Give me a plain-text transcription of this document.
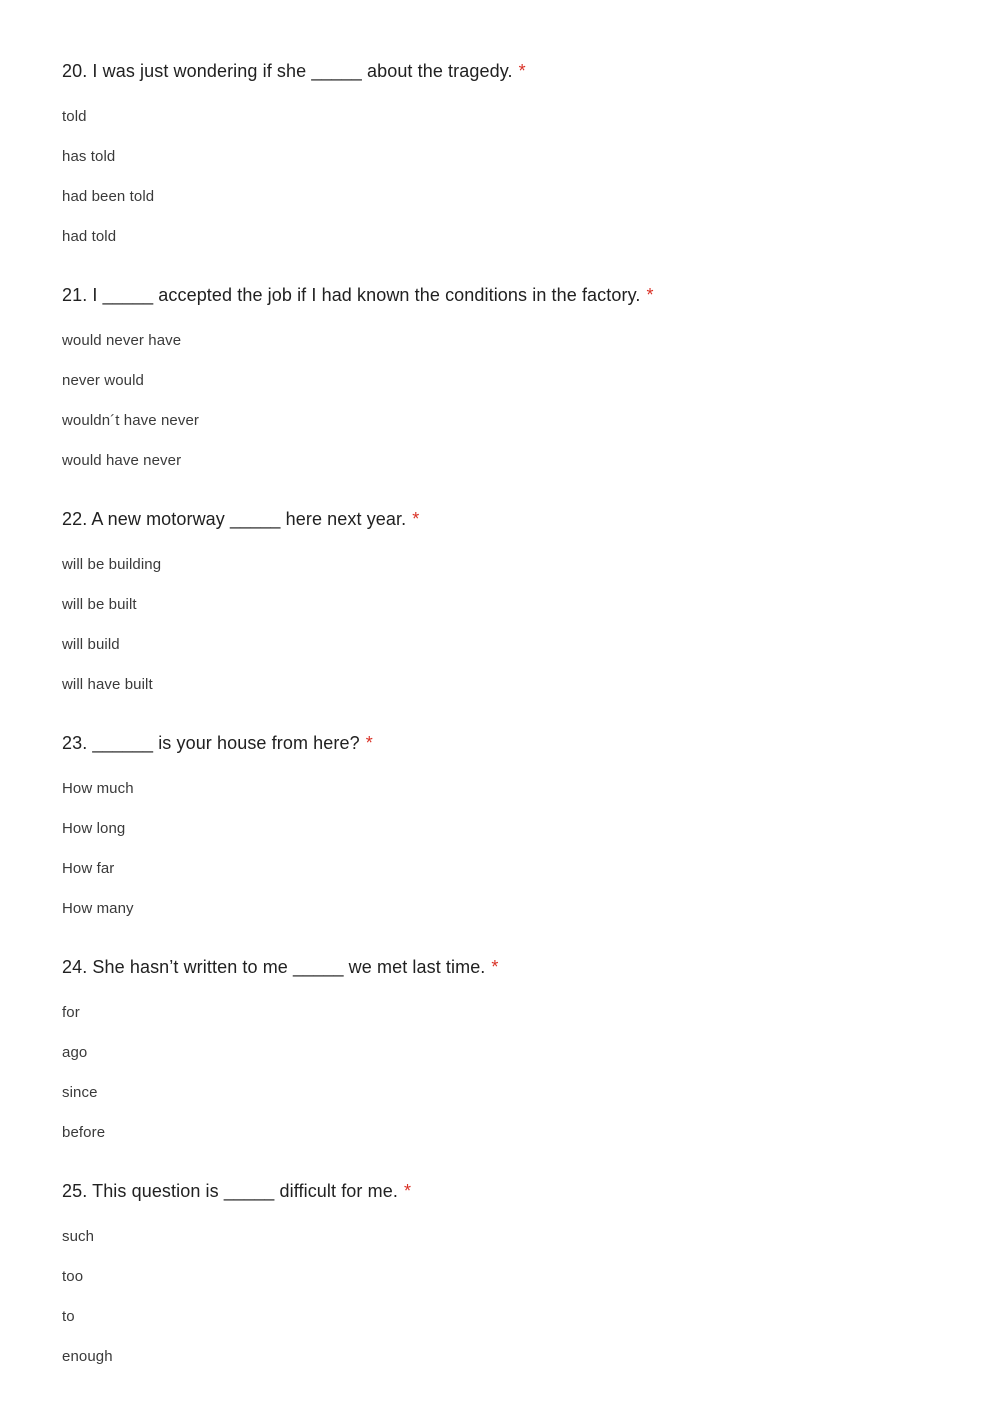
20. I was just wondering if she _____ about the tragedy. *
told
has told
had been told
had told
21. I _____ accepted the job if I had known the conditions in the factory. *
would never have
never would
wouldn´t have never
would have never
22. A new motorway _____ here next year. *
will be building
will be built
will build
will have built
23. ______ is your house from here? *
How much
How long
How far
How many
24. She hasn’t written to me _____ we met last time. *
for
ago
since
before
25. This question is _____ difficult for me. *
such
too
to
enough
